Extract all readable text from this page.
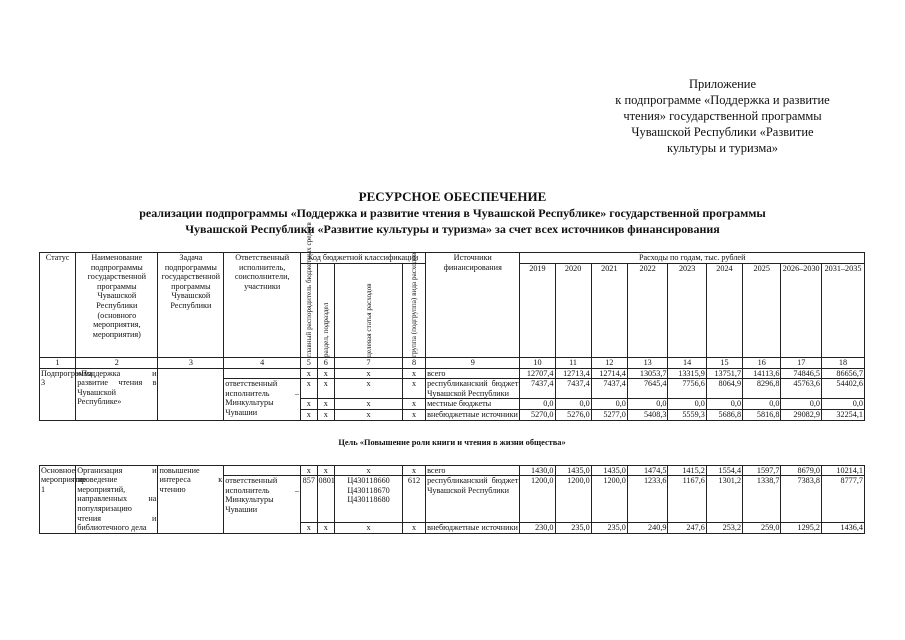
Приложение
к подпрограмме «Поддержка и развитие
чтения» государственной программы
Чувашской Республики «Развитие
культуры и туризма»
РЕСУРСНОЕ ОБЕСПЕЧЕНИЕ
реализации подпрограммы «Поддержка и развитие чтения в Чувашской Республике» государственной программы
Чувашской Республики «Развитие культуры и туризма» за счет всех источников финансирования
Статус	Наименование подпрограммы государственной программы Чувашской Республики (основного мероприятия, мероприятия)	Задача подпрограммы государственной программы Чувашской Республики	Ответственный исполнитель, соисполнители, участники	Код бюджетной классификации				Источники финансирования	Расходы по годам, тыс. рублей								

				главный распорядитель бюджетных средств	раздел, подраздел	целевая статья расходов	группа (подгруппа) вида расходов		2019	2020	2021	2022	2023	2024	2025	2026–2030	2031–2035
1	2	3	4	5	6	7	8	9	10	11	12	13	14	15	16	17	18
Подпрограмма 3	«Поддержка и развитие чтения в Чувашской Республике»			x	x	x	x	всего	12707,4	12713,4	12714,4	13053,7	13315,9	13751,7	14113,6	74846,5	86656,7
			ответственный исполнитель – Минкультуры Чувашии	x	x	x	x	республиканский бюджет Чувашской Республики	7437,4	7437,4	7437,4	7645,4	7756,6	8064,9	8296,8	45763,6	54402,6

				x	x	x	x	местные бюджеты	0,0	0,0	0,0	0,0	0,0	0,0	0,0	0,0	0,0

				x	x	x	x	внебюджетные источники	5270,0	5276,0	5277,0	5408,3	5559,3	5686,8	5816,8	29082,9	32254,1
Цель «Повышение роли книги и чтения в жизни общества»																	
Основное мероприятие 1	Организация и проведение мероприятий, направленных на популяризацию чтения и библиотечного дела	повышение интереса к чтению		x	x	x	x	всего	1430,0	1435,0	1435,0	1474,5	1415,2	1554,4	1597,7	8679,0	10214,1
			ответственный исполнитель – Минкультуры Чувашии	857	0801	Ц430118660
Ц430118670
Ц430118680	612	республиканский бюджет Чувашской Республики	1200,0	1200,0	1200,0	1233,6	1167,6	1301,2	1338,7	7383,8	8777,7

				x	x	x	x	внебюджетные источники	230,0	235,0	235,0	240,9	247,6	253,2	259,0	1295,2	1436,4
